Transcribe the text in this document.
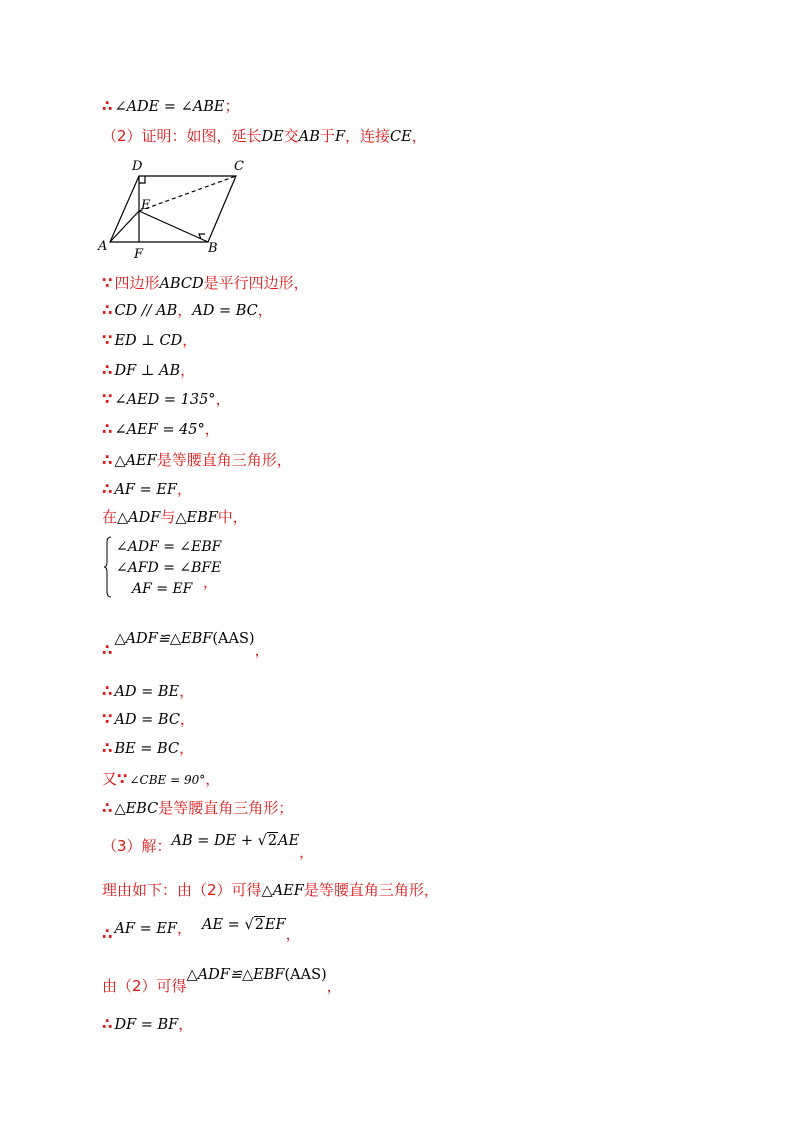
∴ ∠ADE = ∠ABE；
（2）证明：如图，延长DE交AB于F，连接CE，
D	C
E
A
F	B
∵ 四边形ABCD是平行四边形，
∴ CD // AB，AD = BC，
∵ ED ⊥ CD，
∴ DF ⊥ AB，
∵ ∠AED = 135°，
∴ ∠AEF = 45°，
∴ △AEF是等腰直角三角形，
∴ AF = EF，
在△ADF与△EBF中，
∠ADF = ∠EBF
∠AFD = ∠BFE
AF = EF ，
∴△ADF≌△EBF(AAS)，
∴ AD = BE，
∵ AD = BC，
∴ BE = BC，
又∵ ∠CBE = 90°，
∴ △EBC是等腰直角三角形；
（3）解：AB = DE + √2AE，
理由如下：由（2）可得△AEF是等腰直角三角形，
∴ AF = EF， AE = √2EF，
由（2）可得△ADF≌△EBF(AAS)，
∴ DF = BF，
